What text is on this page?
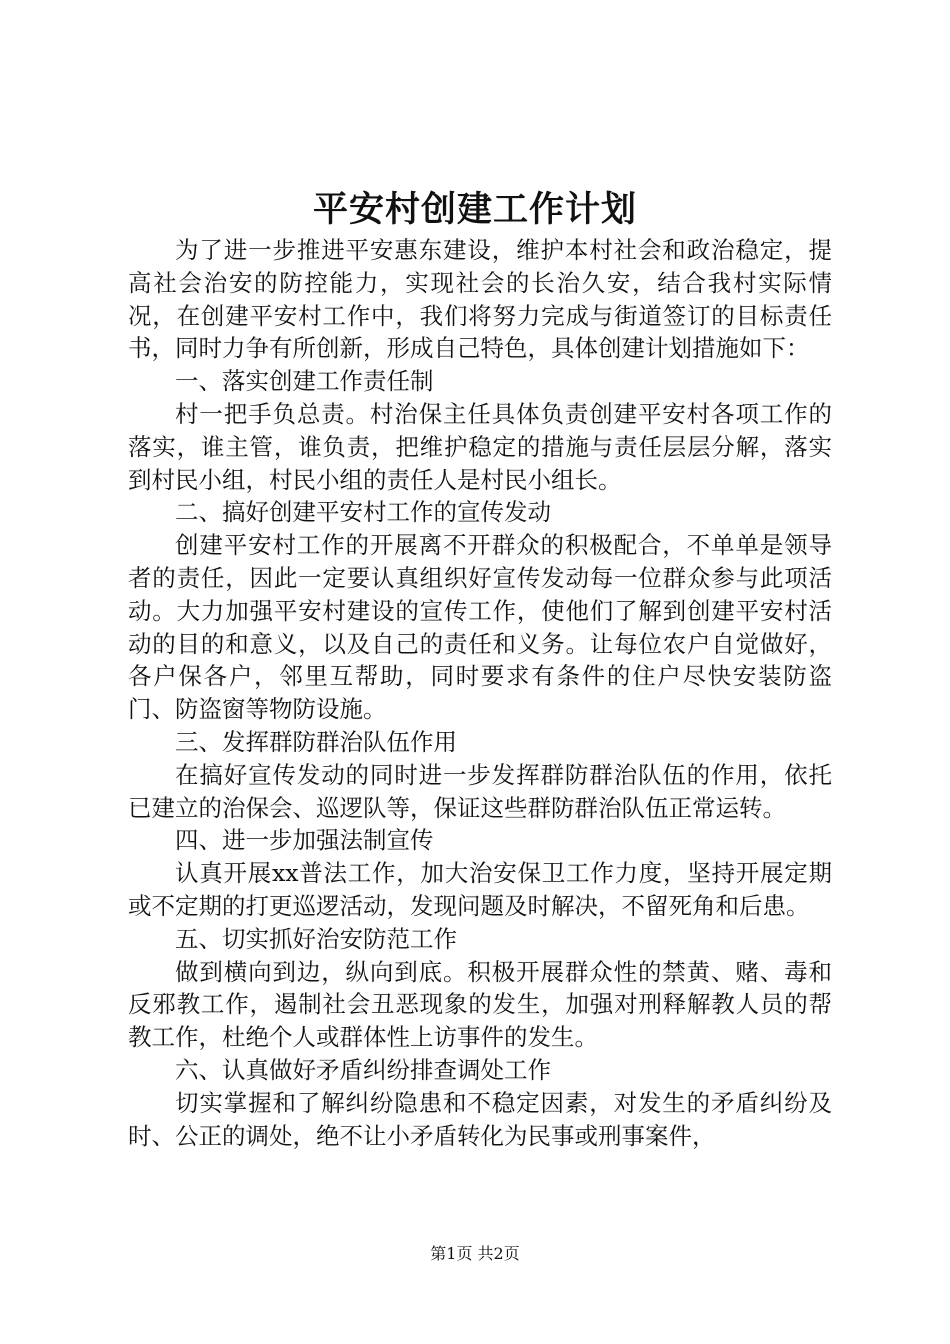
平安村创建工作计划

为了进一步推进平安惠东建设，维护本村社会和政治稳定，提高社会治安的防控能力，实现社会的长治久安，结合我村实际情况，在创建平安村工作中，我们将努力完成与街道签订的目标责任书，同时力争有所创新，形成自己特色，具体创建计划措施如下：

一、落实创建工作责任制

村一把手负总责。村治保主任具体负责创建平安村各项工作的落实，谁主管，谁负责，把维护稳定的措施与责任层层分解，落实到村民小组，村民小组的责任人是村民小组长。

二、搞好创建平安村工作的宣传发动

创建平安村工作的开展离不开群众的积极配合，不单单是领导者的责任，因此一定要认真组织好宣传发动每一位群众参与此项活动。大力加强平安村建设的宣传工作，使他们了解到创建平安村活动的目的和意义，以及自己的责任和义务。让每位农户自觉做好，各户保各户，邻里互帮助，同时要求有条件的住户尽快安装防盗门、防盗窗等物防设施。

三、发挥群防群治队伍作用

在搞好宣传发动的同时进一步发挥群防群治队伍的作用，依托已建立的治保会、巡逻队等，保证这些群防群治队伍正常运转。

四、进一步加强法制宣传

认真开展xx普法工作，加大治安保卫工作力度，坚持开展定期或不定期的打更巡逻活动，发现问题及时解决，不留死角和后患。

五、切实抓好治安防范工作

做到横向到边，纵向到底。积极开展群众性的禁黄、赌、毒和反邪教工作，遏制社会丑恶现象的发生，加强对刑释解教人员的帮教工作，杜绝个人或群体性上访事件的发生。

六、认真做好矛盾纠纷排查调处工作

切实掌握和了解纠纷隐患和不稳定因素，对发生的矛盾纠纷及时、公正的调处，绝不让小矛盾转化为民事或刑事案件，

第1页 共2页
